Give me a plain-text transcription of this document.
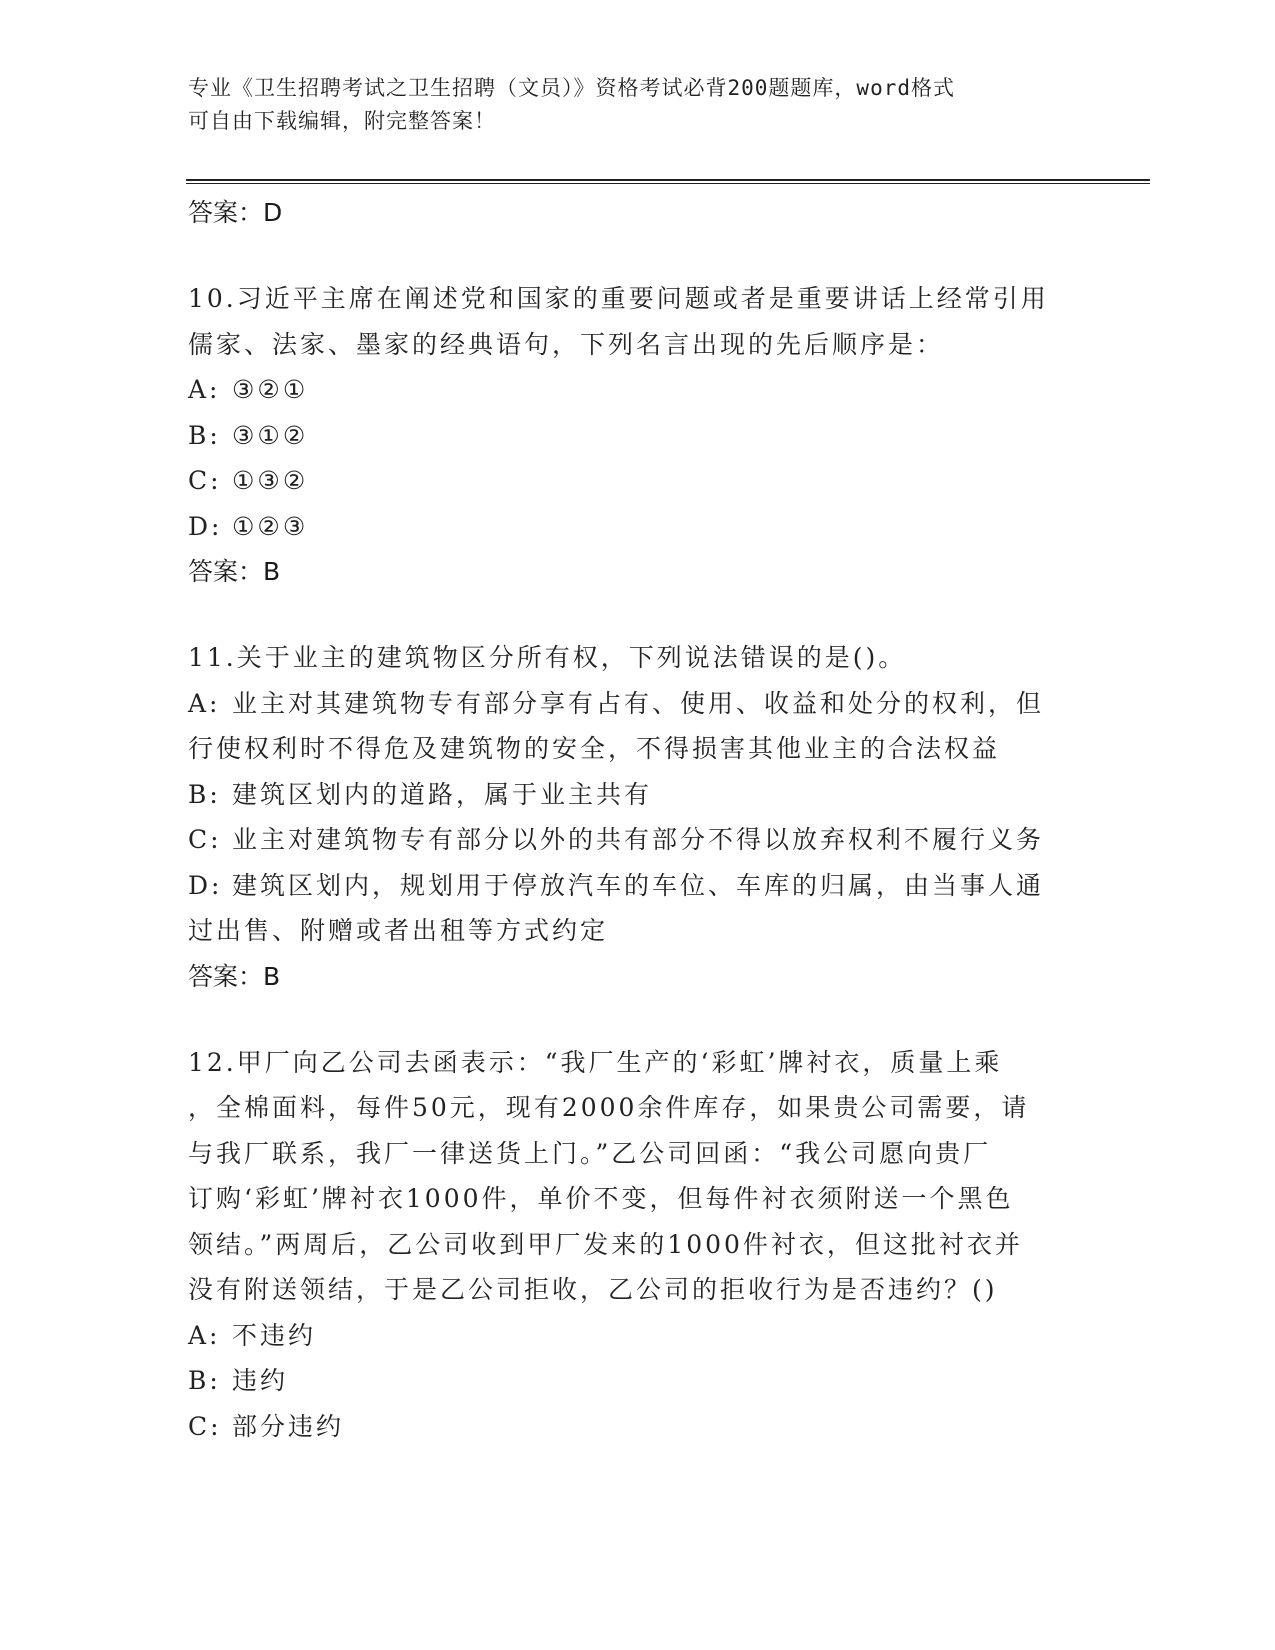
专业《卫生招聘考试之卫生招聘（文员）》资格考试必背200题题库，word格式
可自由下载编辑，附完整答案！

答案：D

10.习近平主席在阐述党和国家的重要问题或者是重要讲话上经常引用

儒家、法家、墨家的经典语句，下列名言出现的先后顺序是：

A: ③②①

B: ③①②

C: ①③②

D: ①②③

答案：B

11.关于业主的建筑物区分所有权，下列说法错误的是()。

A: 业主对其建筑物专有部分享有占有、使用、收益和处分的权利，但

行使权利时不得危及建筑物的安全，不得损害其他业主的合法权益

B: 建筑区划内的道路，属于业主共有

C: 业主对建筑物专有部分以外的共有部分不得以放弃权利不履行义务

D: 建筑区划内，规划用于停放汽车的车位、车库的归属，由当事人通

过出售、附赠或者出租等方式约定

答案：B

12.甲厂向乙公司去函表示：“我厂生产的‘彩虹’牌衬衣，质量上乘

，全棉面料，每件50元，现有2000余件库存，如果贵公司需要，请

与我厂联系，我厂一律送货上门。”乙公司回函：“我公司愿向贵厂

订购‘彩虹’牌衬衣1000件，单价不变，但每件衬衣须附送一个黑色

领结。”两周后，乙公司收到甲厂发来的1000件衬衣，但这批衬衣并

没有附送领结，于是乙公司拒收，乙公司的拒收行为是否违约？()

A: 不违约

B: 违约

C: 部分违约
